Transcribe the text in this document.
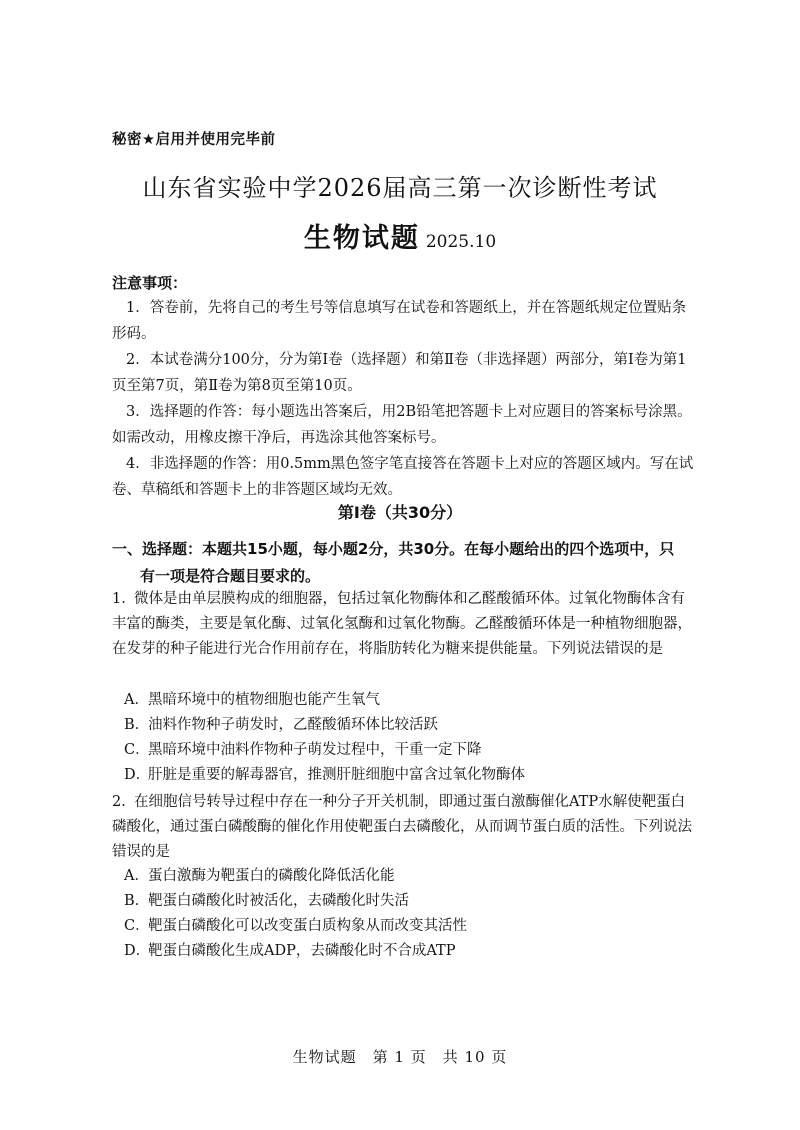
秘密★启用并使用完毕前
山东省实验中学2026届高三第一次诊断性考试
生物试题 2025.10
注意事项：
1．答卷前，先将自己的考生号等信息填写在试卷和答题纸上，并在答题纸规定位置贴条形码。
2．本试卷满分100分，分为第Ⅰ卷（选择题）和第Ⅱ卷（非选择题）两部分，第Ⅰ卷为第1页至第7页，第Ⅱ卷为第8页至第10页。
3．选择题的作答：每小题选出答案后，用2B铅笔把答题卡上对应题目的答案标号涂黑。如需改动，用橡皮擦干净后，再选涂其他答案标号。
4．非选择题的作答：用0.5mm黑色签字笔直接答在答题卡上对应的答题区域内。写在试卷、草稿纸和答题卡上的非答题区域均无效。
第Ⅰ卷（共30分）
一、选择题：本题共15小题，每小题2分，共30分。在每小题给出的四个选项中，只
有一项是符合题目要求的。
1. 微体是由单层膜构成的细胞器，包括过氧化物酶体和乙醛酸循环体。过氧化物酶体含有丰富的酶类，主要是氧化酶、过氧化氢酶和过氧化物酶。乙醛酸循环体是一种植物细胞器，在发芽的种子能进行光合作用前存在，将脂肪转化为糖来提供能量。下列说法错误的是
A．黑暗环境中的植物细胞也能产生氧气
B．油料作物种子萌发时，乙醛酸循环体比较活跃
C．黑暗环境中油料作物种子萌发过程中，干重一定下降
D．肝脏是重要的解毒器官，推测肝脏细胞中富含过氧化物酶体
2. 在细胞信号转导过程中存在一种分子开关机制，即通过蛋白激酶催化ATP水解使靶蛋白磷酸化，通过蛋白磷酸酶的催化作用使靶蛋白去磷酸化，从而调节蛋白质的活性。下列说法错误的是
A．蛋白激酶为靶蛋白的磷酸化降低活化能
B．靶蛋白磷酸化时被活化，去磷酸化时失活
C．靶蛋白磷酸化可以改变蛋白质构象从而改变其活性
D．靶蛋白磷酸化生成ADP，去磷酸化时不合成ATP
生物试题　第 1 页　共 10 页
